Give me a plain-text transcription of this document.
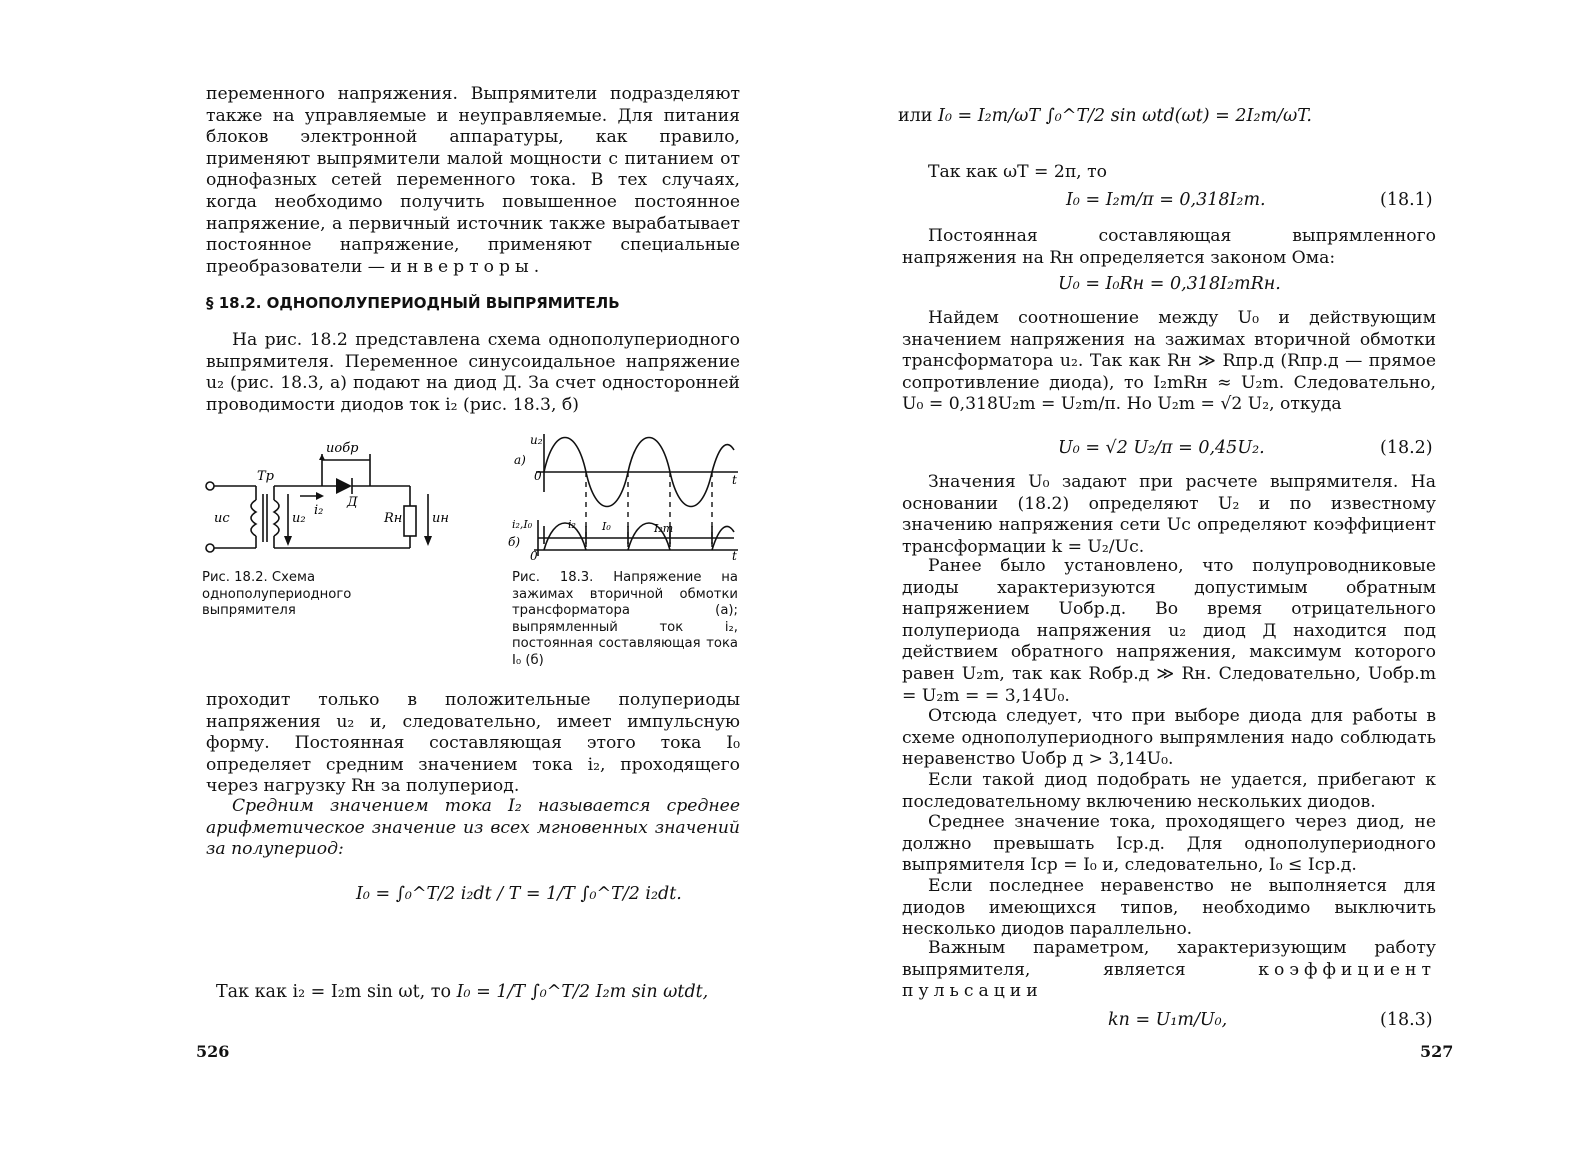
переменного напряжения. Выпрямители подразделяют также на управляемые и неуправляемые. Для питания блоков электронной аппаратуры, как правило, применяют выпрямители малой мощности с питанием от однофазных сетей переменного тока. В тех случаях, когда необходимо получить повышенное постоянное напряжение, а первичный источник также вырабатывает постоянное напряжение, применяют специальные преобразователи — инверторы.

§ 18.2. ОДНОПОЛУПЕРИОДНЫЙ ВЫПРЯМИТЕЛЬ

На рис. 18.2 представлена схема однополупериодного выпрямителя. Переменное синусоидальное напряжение u₂ (рис. 18.3, а) подают на диод Д. За счет односторонней проводимости диодов ток i₂ (рис. 18.3, б)

uобр
Тр
Д
uс	u₂
i₂
Rн uн
u₂
а)
0	t
i₂,I₀
б)
0	t
i₂ I₀	I₂m

Рис. 18.2. Схема однополупериодного выпрямителя

Рис. 18.3. Напряжение на зажимах вторичной обмотки трансформатора (а); выпрямленный ток i₂, постоянная составляющая тока I₀ (б)

проходит только в положительные полупериоды напряжения u₂ и, следовательно, имеет импульсную форму. Постоянная составляющая этого тока I₀ определяет средним значением тока i₂, проходящего через нагрузку Rн за полупериод.

Средним значением тока I₂ называется среднее арифметическое значение из всех мгновенных значений за полупериод:

I₀ = ∫₀^T/2 i₂dt / T = 1/T ∫₀^T/2 i₂dt.
Так как i₂ = I₂m sin ωt, то I₀ = 1/T ∫₀^T/2 I₂m sin ωtdt,
526
или I₀ = I₂m/ωT ∫₀^T/2 sin ωtd(ωt) = 2I₂m/ωT.

Так как ωT = 2π, то

I₀ = I₂m/π = 0,318I₂m.	(18.1)

Постоянная составляющая выпрямленного напряжения на Rн определяется законом Ома:

U₀ = I₀Rн = 0,318I₂mRн.

Найдем соотношение между U₀ и действующим значением напряжения на зажимах вторичной обмотки трансформатора u₂. Так как Rн ≫ Rпр.д (Rпр.д — прямое сопротивление диода), то I₂mRн ≈ U₂m. Следовательно, U₀ = 0,318U₂m = U₂m/π. Но U₂m = √2 U₂, откуда

U₀ = √2 U₂/π = 0,45U₂.	(18.2)

Значения U₀ задают при расчете выпрямителя. На основании (18.2) определяют U₂ и по известному значению напряжения сети Uс определяют коэффициент трансформации k = U₂/Uс.

Ранее было установлено, что полупроводниковые диоды характеризуются допустимым обратным напряжением Uобр.д. Во время отрицательного полупериода напряжения u₂ диод Д находится под действием обратного напряжения, максимум которого равен U₂m, так как Rобр.д ≫ Rн. Следовательно, Uобр.m = U₂m = = 3,14U₀.

Отсюда следует, что при выборе диода для работы в схеме однополупериодного выпрямления надо соблюдать неравенство Uобр д > 3,14U₀.

Если такой диод подобрать не удается, прибегают к последовательному включению нескольких диодов.

Среднее значение тока, проходящего через диод, не должно превышать Iср.д. Для однополупериодного выпрямителя Iср = I₀ и, следовательно, I₀ ≤ Iср.д.

Если последнее неравенство не выполняется для диодов имеющихся типов, необходимо выключить несколько диодов параллельно.

Важным параметром, характеризующим работу выпрямителя, является	коэффициент пульсации

kп = U₁m/U₀,	(18.3)
527
